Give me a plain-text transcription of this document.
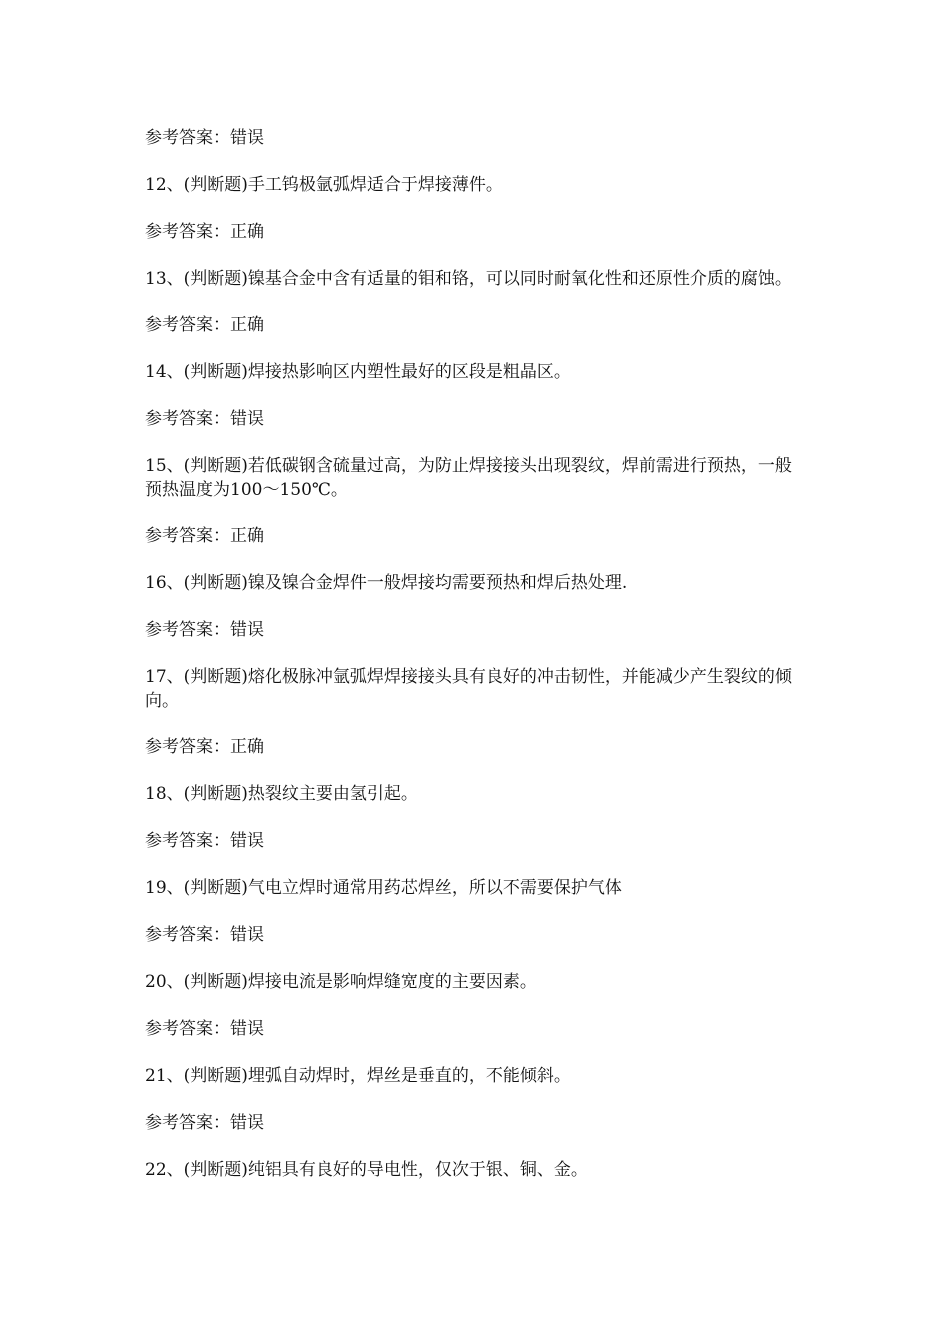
参考答案：错误

12、(判断题)手工钨极氩弧焊适合于焊接薄件。

参考答案：正确

13、(判断题)镍基合金中含有适量的钼和铬，可以同时耐氧化性和还原性介质的腐蚀。

参考答案：正确

14、(判断题)焊接热影响区内塑性最好的区段是粗晶区。

参考答案：错误

15、(判断题)若低碳钢含硫量过高，为防止焊接接头出现裂纹，焊前需进行预热，一般预热温度为100～150℃。

参考答案：正确

16、(判断题)镍及镍合金焊件一般焊接均需要预热和焊后热处理.

参考答案：错误

17、(判断题)熔化极脉冲氩弧焊焊接接头具有良好的冲击韧性，并能减少产生裂纹的倾向。

参考答案：正确

18、(判断题)热裂纹主要由氢引起。

参考答案：错误

19、(判断题)气电立焊时通常用药芯焊丝，所以不需要保护气体

参考答案：错误

20、(判断题)焊接电流是影响焊缝宽度的主要因素。

参考答案：错误

21、(判断题)埋弧自动焊时，焊丝是垂直的，不能倾斜。

参考答案：错误

22、(判断题)纯铝具有良好的导电性，仅次于银、铜、金。
